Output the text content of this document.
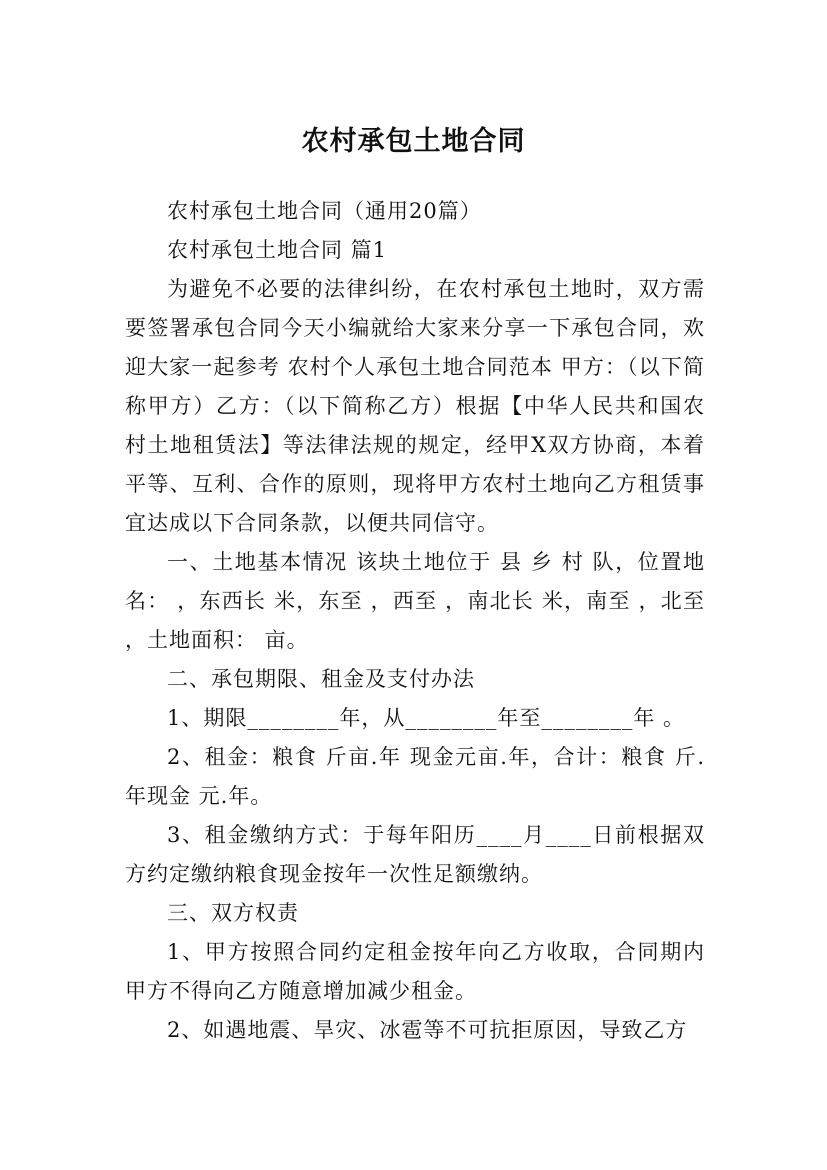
农村承包土地合同

农村承包土地合同（通用20篇）

农村承包土地合同 篇1

为避免不必要的法律纠纷，在农村承包土地时，双方需要签署承包合同今天小编就给大家来分享一下承包合同，欢迎大家一起参考 农村个人承包土地合同范本 甲方：（以下简称甲方）乙方：（以下简称乙方）根据【中华人民共和国农村土地租赁法】等法律法规的规定，经甲X双方协商，本着平等、互利、合作的原则，现将甲方农村土地向乙方租赁事宜达成以下合同条款，以便共同信守。

一、土地基本情况 该块土地位于 县 乡 村 队，位置地名： ，东西长 米，东至 ，西至 ，南北长 米，南至 ，北至 ，土地面积： 亩。

二、承包期限、租金及支付办法

1、期限________年，从________年至________年 。

2、租金：粮食 斤亩.年 现金元亩.年，合计：粮食 斤.年现金 元.年。

3、租金缴纳方式：于每年阳历____月____日前根据双方约定缴纳粮食现金按年一次性足额缴纳。

三、双方权责

1、甲方按照合同约定租金按年向乙方收取，合同期内甲方不得向乙方随意增加减少租金。

2、如遇地震、旱灾、冰雹等不可抗拒原因，导致乙方
